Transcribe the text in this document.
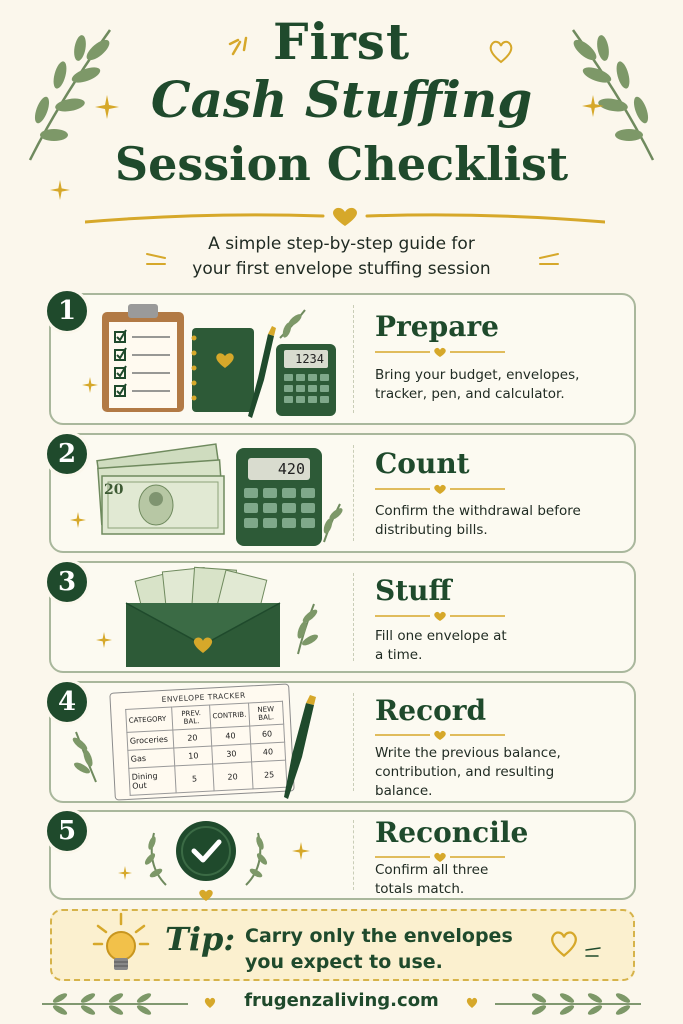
First
Cash Stuffing
Session Checklist
A simple step-by-step guide for
your first envelope stuffing session
1
1234
Prepare
Bring your budget, envelopes, tracker, pen, and calculator.
2
20
420	Count
Confirm the withdrawal before distributing bills.
3	Stuff
Fill one envelope at a time.
4	ENVELOPE TRACKER
CATEGORY	PREV. BAL.	CONTRIB.	NEW BAL.
Groceries	20	40	60
Gas	10	30	40
Dining Out	5	20	25
Record
Write the previous balance, contribution, and resulting balance.
5	Reconcile
Confirm all three totals match.
Tip: Carry only the envelopes you expect to use.
frugenzaliving.com
